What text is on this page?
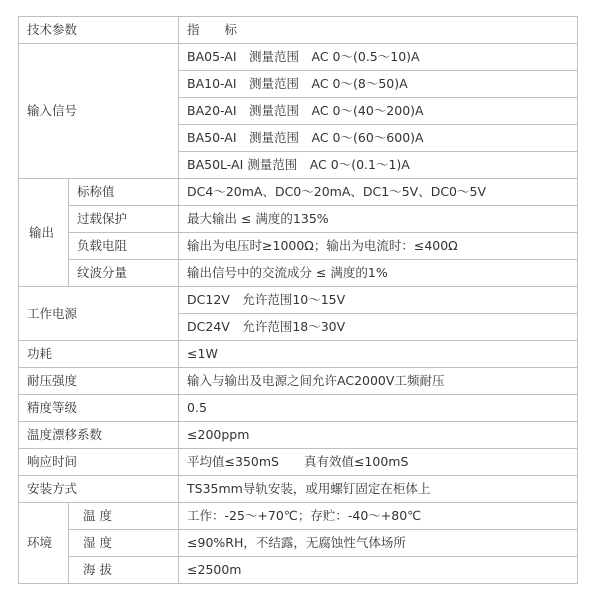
技术参数		指　　标
输入信号		BA05-AI　测量范围　AC 0～(0.5～10)A
		BA10-AI　测量范围　AC 0～(8～50)A
		BA20-AI　测量范围　AC 0～(40～200)A
		BA50-AI　测量范围　AC 0～(60～600)A
		BA50L-AI 测量范围　AC 0～(0.1～1)A
输出	标称值	DC4～20mA、DC0～20mA、DC1～5V、DC0～5V
	过载保护	最大输出 ≤ 满度的135%
	负载电阻	输出为电压时≥1000Ω；输出为电流时：≤400Ω
	纹波分量	输出信号中的交流成分 ≤ 满度的1%
工作电源		DC12V　允许范围10～15V
		DC24V　允许范围18～30V
功耗		≤1W
耐压强度		输入与输出及电源之间允许AC2000V工频耐压
精度等级		0.5
温度漂移系数		≤200ppm
响应时间		平均值≤350mS　　真有效值≤100mS
安装方式		TS35mm导轨安装，或用螺钉固定在柜体上
环境	温 度	工作：-25～+70℃；存贮：-40～+80℃
	湿 度	≤90%RH，不结露，无腐蚀性气体场所
	海 拔	≤2500m
